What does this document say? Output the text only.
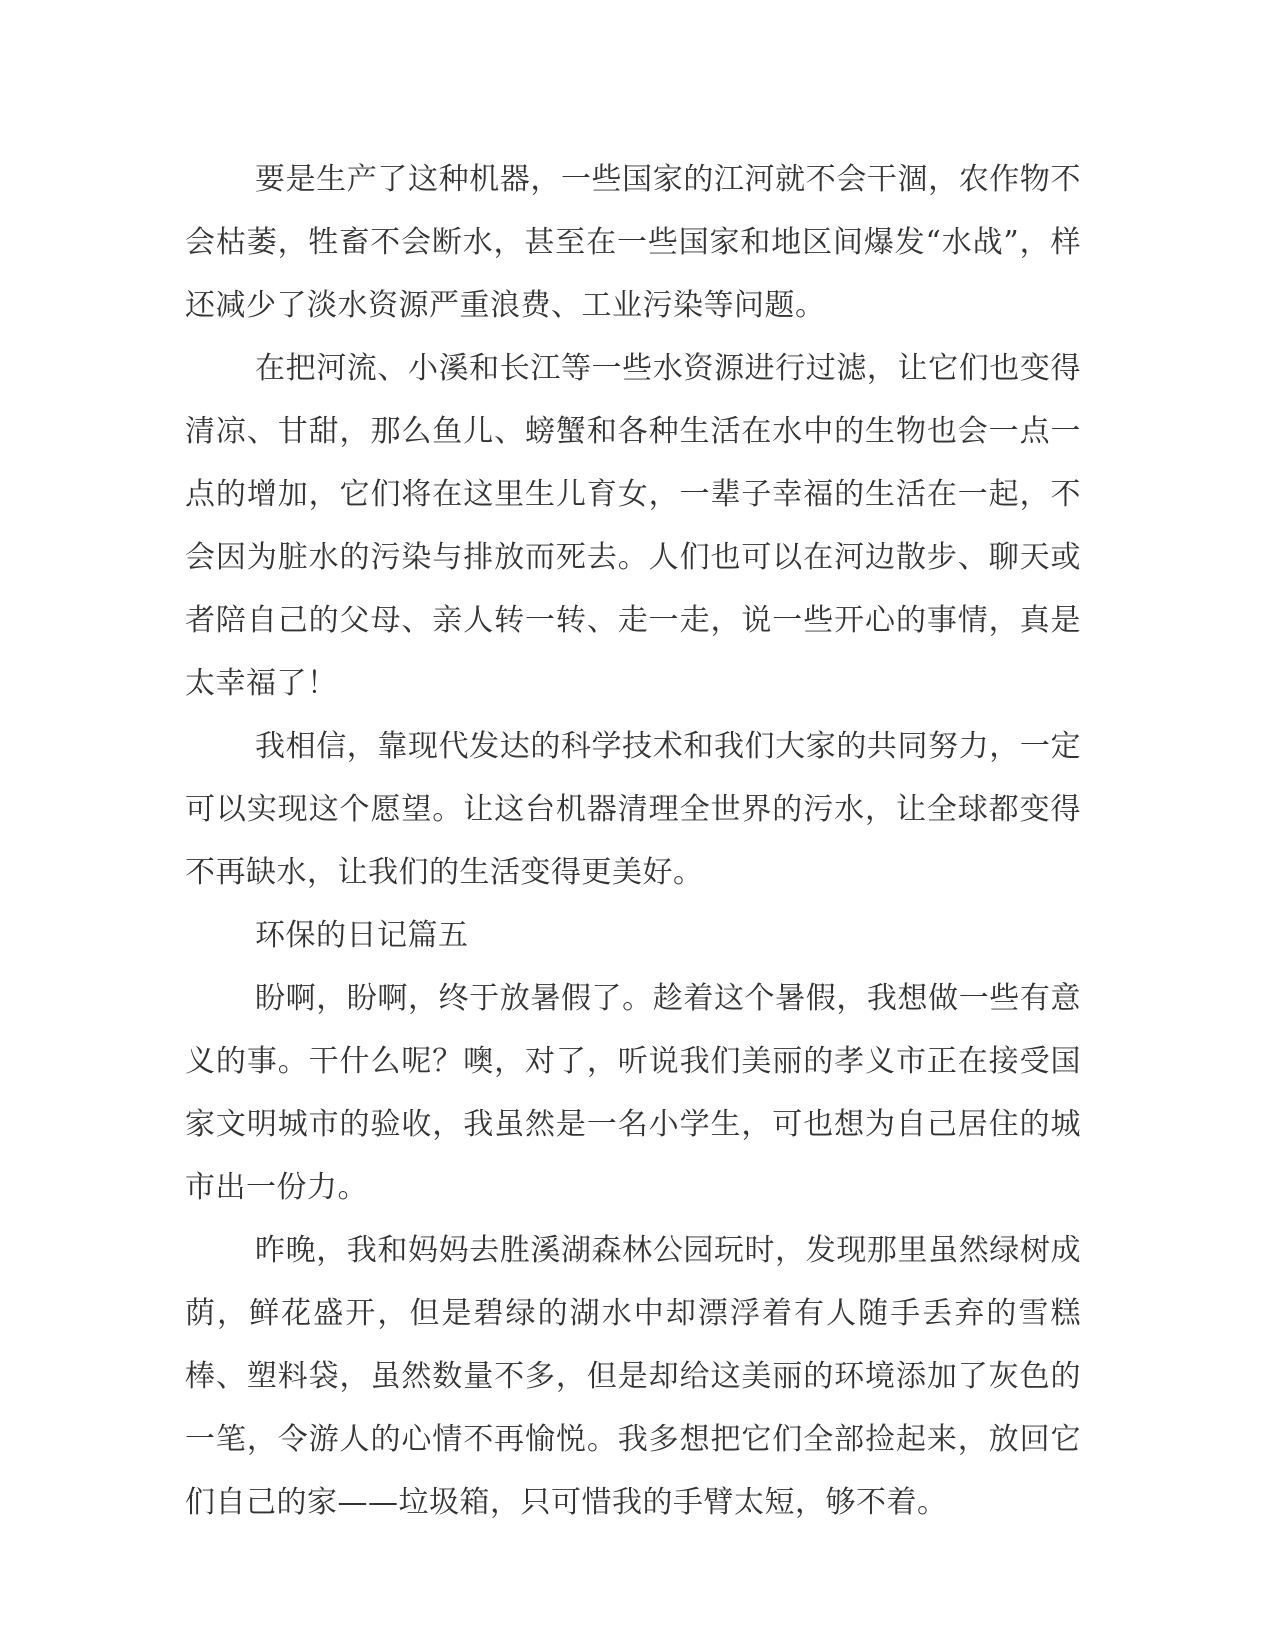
要是生产了这种机器，一些国家的江河就不会干涸，农作物不会枯萎，牲畜不会断水，甚至在一些国家和地区间爆发“水战”，样还减少了淡水资源严重浪费、工业污染等问题。

在把河流、小溪和长江等一些水资源进行过滤，让它们也变得清凉、甘甜，那么鱼儿、螃蟹和各种生活在水中的生物也会一点一点的增加，它们将在这里生儿育女，一辈子幸福的生活在一起，不会因为脏水的污染与排放而死去。人们也可以在河边散步、聊天或者陪自己的父母、亲人转一转、走一走，说一些开心的事情，真是太幸福了！

我相信，靠现代发达的科学技术和我们大家的共同努力，一定可以实现这个愿望。让这台机器清理全世界的污水，让全球都变得不再缺水，让我们的生活变得更美好。

环保的日记篇五

盼啊，盼啊，终于放暑假了。趁着这个暑假，我想做一些有意义的事。干什么呢？噢，对了，听说我们美丽的孝义市正在接受国家文明城市的验收，我虽然是一名小学生，可也想为自己居住的城市出一份力。

昨晚，我和妈妈去胜溪湖森林公园玩时，发现那里虽然绿树成荫，鲜花盛开，但是碧绿的湖水中却漂浮着有人随手丢弃的雪糕棒、塑料袋，虽然数量不多，但是却给这美丽的环境添加了灰色的一笔，令游人的心情不再愉悦。我多想把它们全部捡起来，放回它们自己的家——垃圾箱，只可惜我的手臂太短，够不着。
